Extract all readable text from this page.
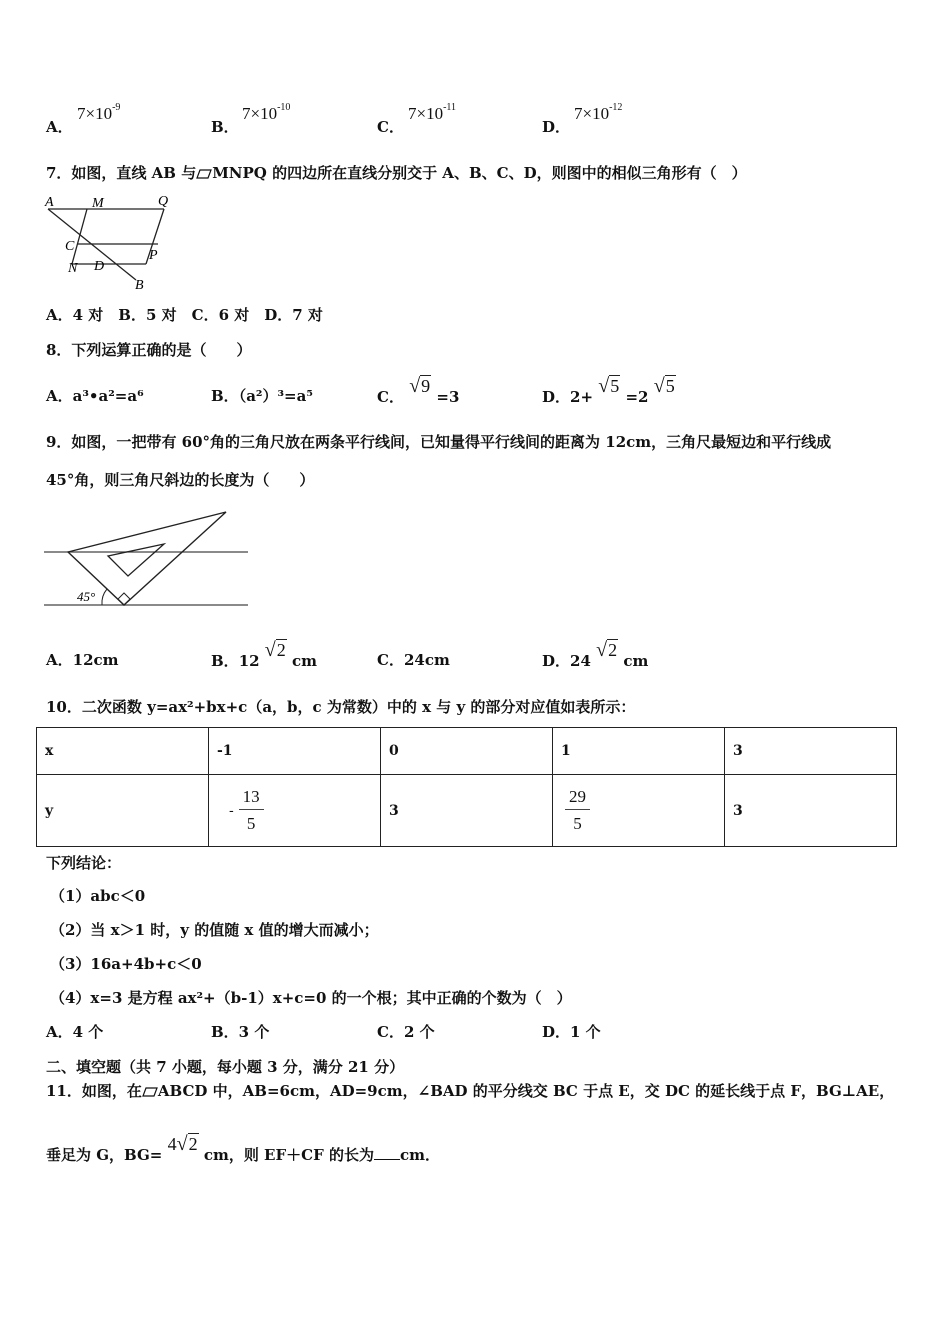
A．
$7\times 10^{-9}$
B．
$7\times 10^{-10}$
C．
$7\times 10^{-11}$
D．
$7\times 10^{-12}$
7．如图，直线 AB 与 MNPQ 的四边所在直线分别交于 A、B、C、D，则图中的相似三角形有（　）
A	M	Q
C
N D
P
B
A．4 对　B．5 对　C．6 对　D．7 对
8．下列运算正确的是（　　）
A．a³•a²=a⁶	B．（a²）³=a⁵	C． √9 =3	D．2+ √5 =2 √5
9．如图，一把带有 60°角的三角尺放在两条平行线间，已知量得平行线间的距离为 12cm，三角尺最短边和平行线成
45°角，则三角尺斜边的长度为（　　）
45°
A．12cm	B．12 √2 cm	C．24cm	D．24 √2 cm
10．二次函数 y=ax²+bx+c（a，b，c 为常数）中的 x 与 y 的部分对应值如表所示：
x	-1	0	1	3
y	- $\frac{13}{5}$	3	$\frac{29}{5}$	3
下列结论：
（1）abc＜0
（2）当 x＞1 时，y 的值随 x 值的增大而减小；
（3）16a+4b+c＜0
（4）x=3 是方程 ax²+（b-1）x+c=0 的一个根；其中正确的个数为（　）
A．4 个	B．3 个	C．2 个	D．1 个
二、填空题（共 7 小题，每小题 3 分，满分 21 分）
11．如图，在 ABCD 中，AB=6cm，AD=9cm，∠BAD 的平分线交 BC 于点 E，交 DC 的延长线于点 F，BG⊥AE，
垂足为 G，BG= 4√2 cm，则 EF＋CF 的长为 cm．
